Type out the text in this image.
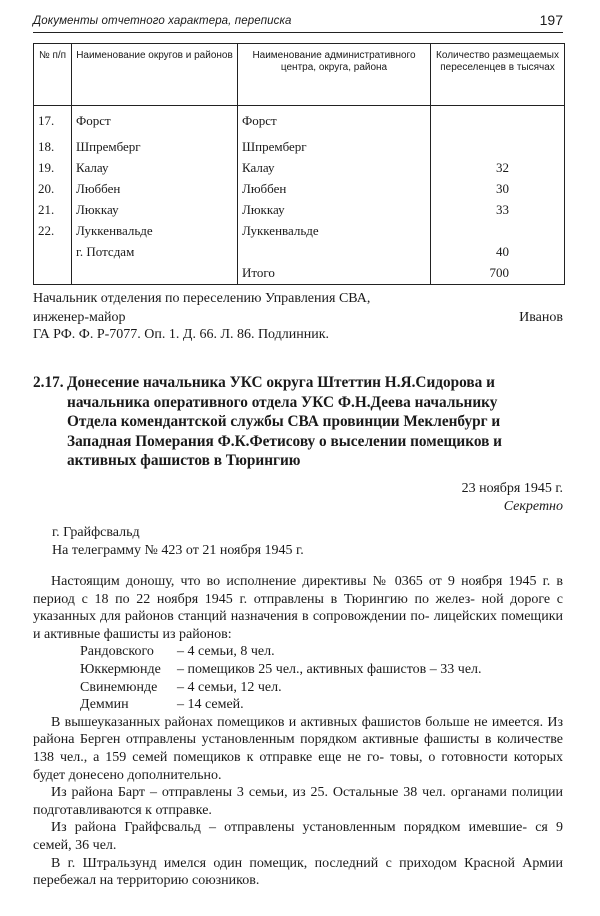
Документы отчетного характера, переписка	197
№ п/п	Наименование округов и районов	Наименование административного центра, округа, района	Количество размещаемых переселенцев в тысячах
17.	Форст	Форст	
18.	Шпремберг	Шпремберг	
19.	Калау	Калау	32
20.	Люббен	Люббен	30
21.	Люккау	Люккау	33
22.	Луккенвальде	Луккенвальде	
	г. Потсдам		40
		Итого	700
Начальник отделения по переселению Управления СВА,
инженер-майор	Иванов
ГА РФ. Ф. Р-7077. Оп. 1. Д. 66. Л. 86. Подлинник.
2.17. Донесение начальника УКС округа Штеттин Н.Я.Сидорова и
начальника оперативного отдела УКС Ф.Н.Деева начальнику
Отдела комендантской службы СВА провинции Мекленбург и
Западная Померания Ф.К.Фетисову о выселении помещиков и
активных фашистов в Тюрингию
23 ноября 1945 г.
Секретно
г. Грайфсвальд
На телеграмму № 423 от 21 ноября 1945 г.

Настоящим доношу, что во исполнение директивы № 0365 от 9 ноября 1945 г. в период с 18 по 22 ноября 1945 г. отправлены в Тюрингию по желез- ной дороге с указанных для районов станций назначения в сопровождении по- лицейских помещики и активные фашисты из районов:

Рандовского – 4 семьи, 8 чел.
Юккермюнде – помещиков 25 чел., активных фашистов – 33 чел.
Свинемюнде – 4 семьи, 12 чел.
Деммин	– 14 семей.

В вышеуказанных районах помещиков и активных фашистов больше не имеется. Из района Берген отправлены установленным порядком активные фашисты в количестве 138 чел., а 159 семей помещиков к отправке еще не го- товы, о готовности которых будет донесено дополнительно.

Из района Барт – отправлены 3 семьи, из 25. Остальные 38 чел. органами полиции подготавливаются к отправке.

Из района Грайфсвальд – отправлены установленным порядком имевшие- ся 9 семей, 36 чел.

В г. Штральзунд имелся один помещик, последний с приходом Красной Армии перебежал на территорию союзников.
